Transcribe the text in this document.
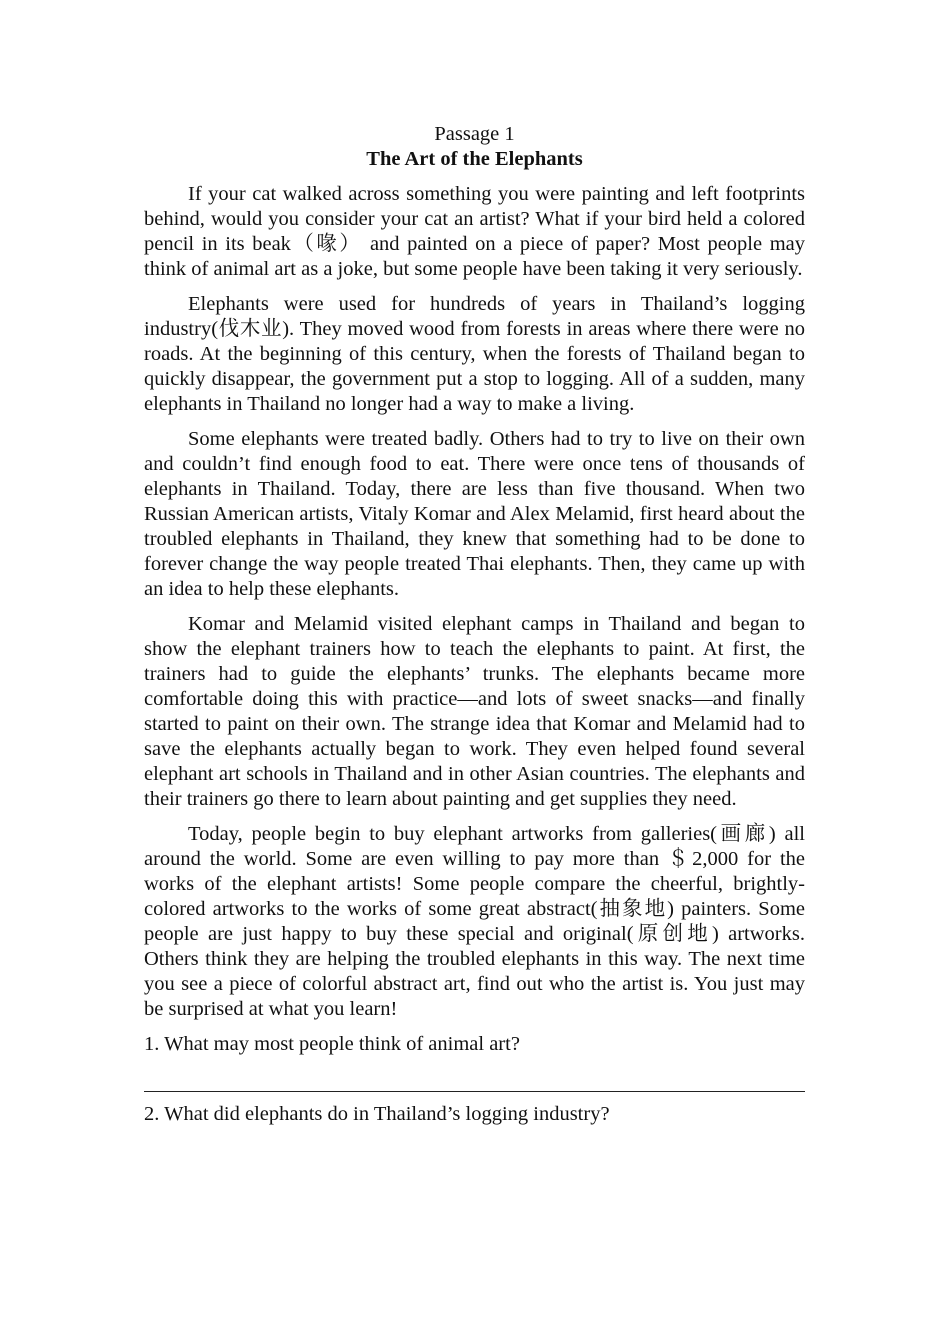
Passage 1

The Art of the Elephants

If your cat walked across something you were painting and left footprints behind, would you consider your cat an artist? What if your bird held a colored pencil in its beak（喙） and painted on a piece of paper? Most people may think of animal art as a joke, but some people have been taking it very seriously.

Elephants were used for hundreds of years in Thailand’s logging industry(伐木业). They moved wood from forests in areas where there were no roads. At the beginning of this century, when the forests of Thailand began to quickly disappear, the government put a stop to logging. All of a sudden, many elephants in Thailand no longer had a way to make a living.

Some elephants were treated badly. Others had to try to live on their own and couldn’t find enough food to eat. There were once tens of thousands of elephants in Thailand. Today, there are less than five thousand. When two Russian American artists, Vitaly Komar and Alex Melamid, first heard about the troubled elephants in Thailand, they knew that something had to be done to forever change the way people treated Thai elephants. Then, they came up with an idea to help these elephants.

Komar and Melamid visited elephant camps in Thailand and began to show the elephant trainers how to teach the elephants to paint. At first, the trainers had to guide the elephants’ trunks. The elephants became more comfortable doing this with practice—and lots of sweet snacks—and finally started to paint on their own. The strange idea that Komar and Melamid had to save the elephants actually began to work. They even helped found several elephant art schools in Thailand and in other Asian countries. The elephants and their trainers go there to learn about painting and get supplies they need.

Today, people begin to buy elephant artworks from galleries(画廊) all around the world. Some are even willing to pay more than ＄2,000 for the works of the elephant artists! Some people compare the cheerful, brightly-colored artworks to the works of some great abstract(抽象地) painters. Some people are just happy to buy these special and original(原创地) artworks. Others think they are helping the troubled elephants in this way. The next time you see a piece of colorful abstract art, find out who the artist is. You just may be surprised at what you learn!

1. What may most people think of animal art?

2. What did elephants do in Thailand’s logging industry?
